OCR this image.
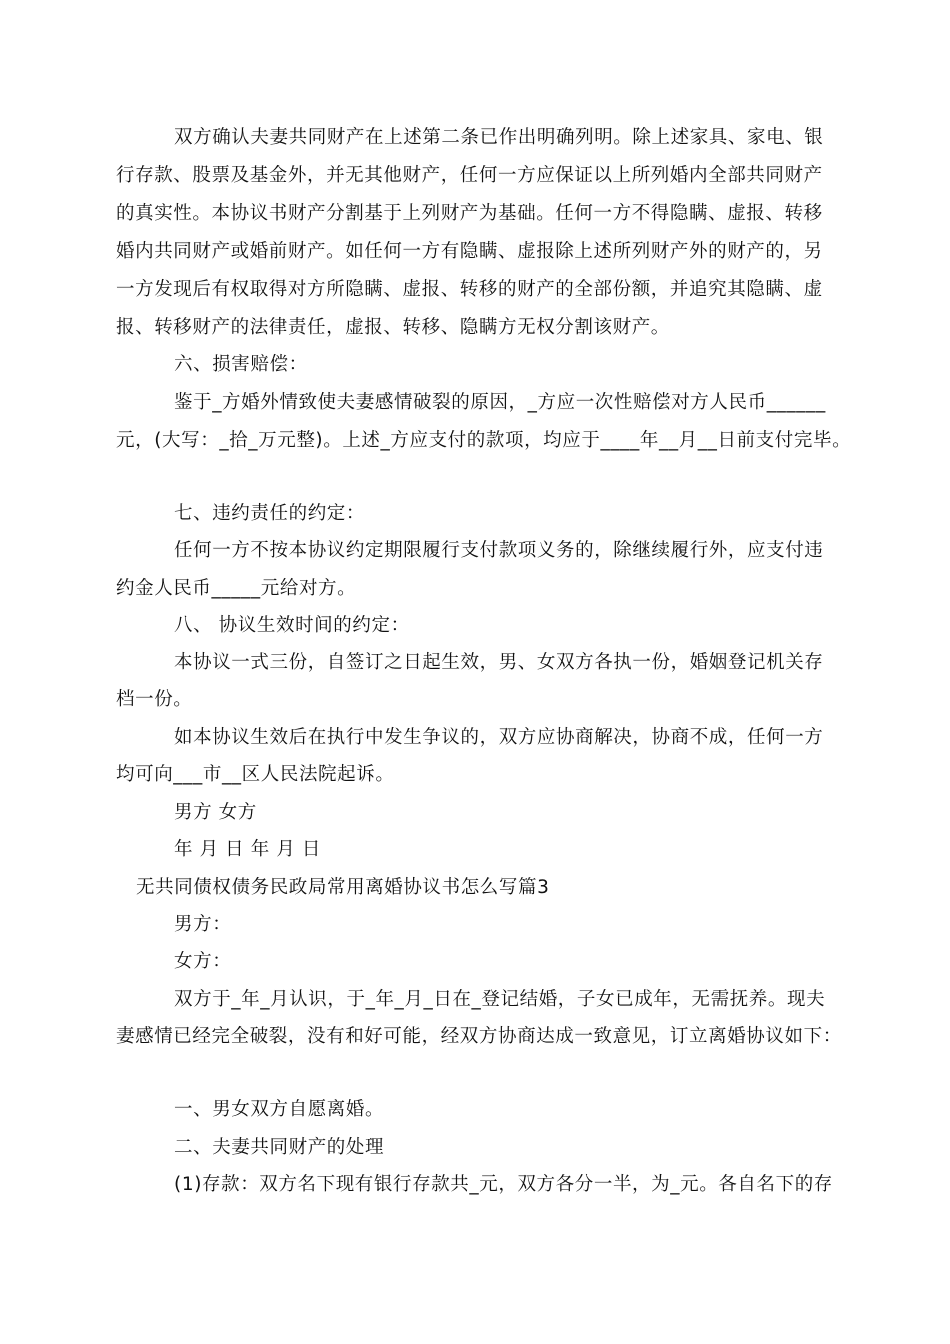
双方确认夫妻共同财产在上述第二条已作出明确列明。除上述家具、家电、银
行存款、股票及基金外，并无其他财产，任何一方应保证以上所列婚内全部共同财产
的真实性。本协议书财产分割基于上列财产为基础。任何一方不得隐瞒、虚报、转移
婚内共同财产或婚前财产。如任何一方有隐瞒、虚报除上述所列财产外的财产的，另
一方发现后有权取得对方所隐瞒、虚报、转移的财产的全部份额，并追究其隐瞒、虚
报、转移财产的法律责任，虚报、转移、隐瞒方无权分割该财产。
六、损害赔偿：
鉴于_方婚外情致使夫妻感情破裂的原因，_方应一次性赔偿对方人民币______
元，(大写：_拾_万元整)。上述_方应支付的款项，均应于____年__月__日前支付完毕。
七、违约责任的约定：
任何一方不按本协议约定期限履行支付款项义务的，除继续履行外，应支付违
约金人民币_____元给对方。
八、 协议生效时间的约定：
本协议一式三份，自签订之日起生效，男、女双方各执一份，婚姻登记机关存
档一份。
如本协议生效后在执行中发生争议的，双方应协商解决，协商不成，任何一方
均可向___市__区人民法院起诉。
男方 女方
年 月 日 年 月 日
无共同债权债务民政局常用离婚协议书怎么写篇3
男方：
女方：
双方于_年_月认识，于_年_月_日在_登记结婚，子女已成年，无需抚养。现夫
妻感情已经完全破裂，没有和好可能，经双方协商达成一致意见，订立离婚协议如下：
一、男女双方自愿离婚。
二、夫妻共同财产的处理
(1)存款：双方名下现有银行存款共_元，双方各分一半，为_元。各自名下的存
